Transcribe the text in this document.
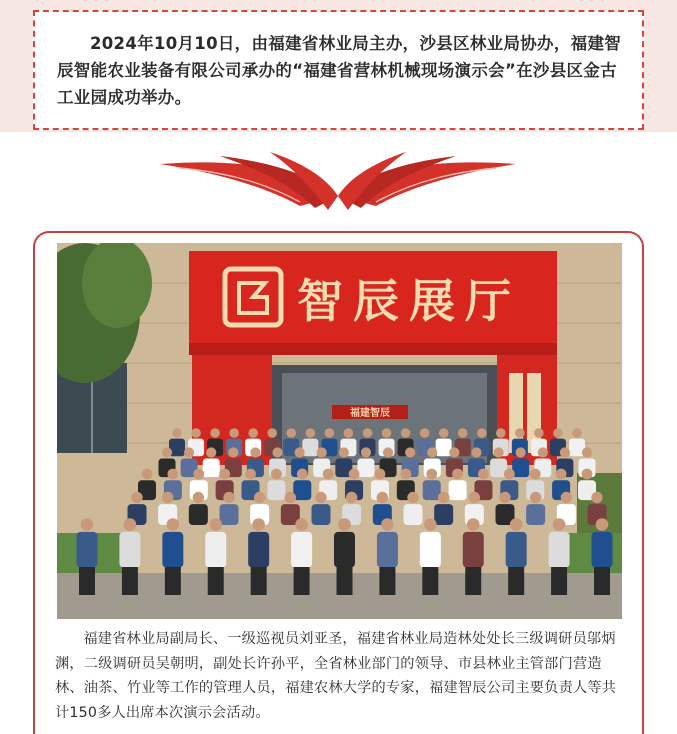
2024年10月10日，由福建省林业局主办，沙县区林业局协办，福建智辰智能农业装备有限公司承办的“福建省营林机械现场演示会”在沙县区金古工业园成功举办。

智辰展厅
福建智辰

福建省林业局副局长、一级巡视员刘亚圣，福建省林业局造林处处长三级调研员邬炳渊，二级调研员吴朝明，副处长许孙平，全省林业部门的领导、市县林业主管部门营造林、油茶、竹业等工作的管理人员，福建农林大学的专家，福建智辰公司主要负责人等共计150多人出席本次演示会活动。
